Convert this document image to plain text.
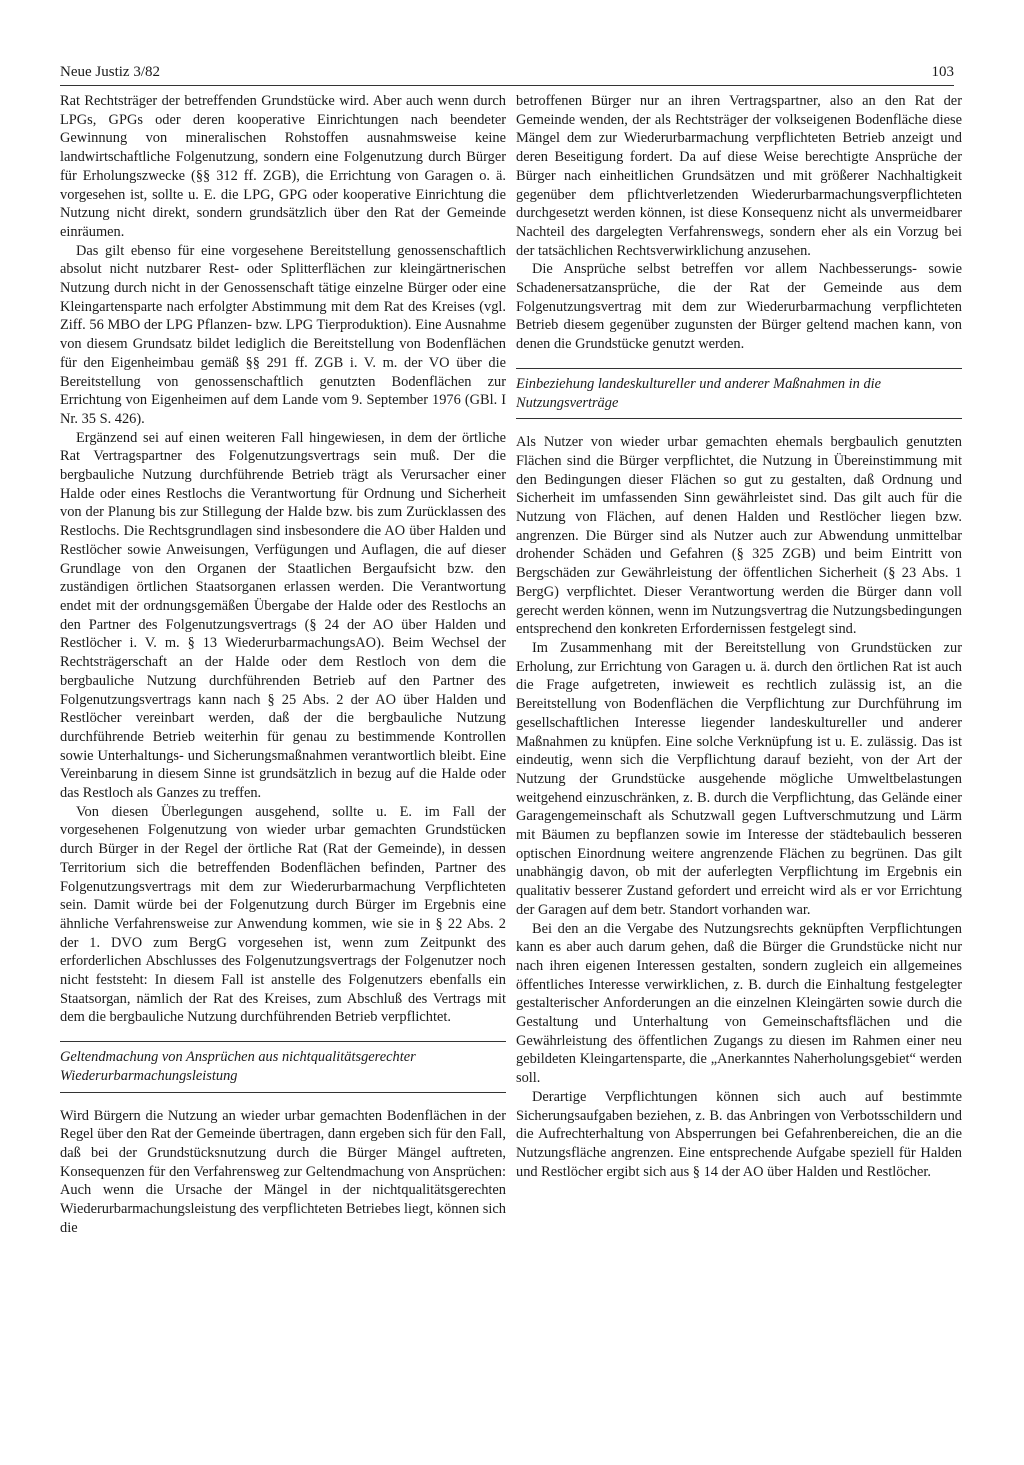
Neue Justiz 3/82	103

Rat Rechtsträger der betreffenden Grundstücke wird. Aber auch wenn durch LPGs, GPGs oder deren kooperative Einrichtungen nach beendeter Gewinnung von mineralischen Rohstoffen ausnahmsweise keine landwirtschaftliche Folgenutzung, sondern eine Folgenutzung durch Bürger für Erholungszwecke (§§ 312 ff. ZGB), die Errichtung von Garagen o. ä. vorgesehen ist, sollte u. E. die LPG, GPG oder kooperative Einrichtung die Nutzung nicht direkt, sondern grundsätzlich über den Rat der Gemeinde einräumen.

Das gilt ebenso für eine vorgesehene Bereitstellung genossenschaftlich absolut nicht nutzbarer Rest- oder Splitterflächen zur kleingärtnerischen Nutzung durch nicht in der Genossenschaft tätige einzelne Bürger oder eine Kleingartensparte nach erfolgter Abstimmung mit dem Rat des Kreises (vgl. Ziff. 56 MBO der LPG Pflanzen- bzw. LPG Tierproduktion). Eine Ausnahme von diesem Grundsatz bildet lediglich die Bereitstellung von Bodenflächen für den Eigenheimbau gemäß §§ 291 ff. ZGB i. V. m. der VO über die Bereitstellung von genossenschaftlich genutzten Bodenflächen zur Errichtung von Eigenheimen auf dem Lande vom 9. September 1976 (GBl. I Nr. 35 S. 426).

Ergänzend sei auf einen weiteren Fall hingewiesen, in dem der örtliche Rat Vertragspartner des Folgenutzungsvertrags sein muß. Der die bergbauliche Nutzung durchführende Betrieb trägt als Verursacher einer Halde oder eines Restlochs die Verantwortung für Ordnung und Sicherheit von der Planung bis zur Stillegung der Halde bzw. bis zum Zurücklassen des Restlochs. Die Rechtsgrundlagen sind insbesondere die AO über Halden und Restlöcher sowie Anweisungen, Verfügungen und Auflagen, die auf dieser Grundlage von den Organen der Staatlichen Bergaufsicht bzw. den zuständigen örtlichen Staatsorganen erlassen werden. Die Verantwortung endet mit der ordnungsgemäßen Übergabe der Halde oder des Restlochs an den Partner des Folgenutzungsvertrags (§ 24 der AO über Halden und Restlöcher i. V. m. § 13 WiederurbarmachungsAO). Beim Wechsel der Rechtsträgerschaft an der Halde oder dem Restloch von dem die bergbauliche Nutzung durchführenden Betrieb auf den Partner des Folgenutzungsvertrags kann nach § 25 Abs. 2 der AO über Halden und Restlöcher vereinbart werden, daß der die bergbauliche Nutzung durchführende Betrieb weiterhin für genau zu bestimmende Kontrollen sowie Unterhaltungs- und Sicherungsmaßnahmen verantwortlich bleibt. Eine Vereinbarung in diesem Sinne ist grundsätzlich in bezug auf die Halde oder das Restloch als Ganzes zu treffen.

Von diesen Überlegungen ausgehend, sollte u. E. im Fall der vorgesehenen Folgenutzung von wieder urbar gemachten Grundstücken durch Bürger in der Regel der örtliche Rat (Rat der Gemeinde), in dessen Territorium sich die betreffenden Bodenflächen befinden, Partner des Folgenutzungsvertrags mit dem zur Wiederurbarmachung Verpflichteten sein. Damit würde bei der Folgenutzung durch Bürger im Ergebnis eine ähnliche Verfahrensweise zur Anwendung kommen, wie sie in § 22 Abs. 2 der 1. DVO zum BergG vorgesehen ist, wenn zum Zeitpunkt des erforderlichen Abschlusses des Folgenutzungsvertrags der Folgenutzer noch nicht feststeht: In diesem Fall ist anstelle des Folgenutzers ebenfalls ein Staatsorgan, nämlich der Rat des Kreises, zum Abschluß des Vertrags mit dem die bergbauliche Nutzung durchführenden Betrieb verpflichtet.

Geltendmachung von Ansprüchen aus nichtqualitätsgerechter Wiederurbarmachungsleistung

Wird Bürgern die Nutzung an wieder urbar gemachten Bodenflächen in der Regel über den Rat der Gemeinde übertragen, dann ergeben sich für den Fall, daß bei der Grundstücksnutzung durch die Bürger Mängel auftreten, Konsequenzen für den Verfahrensweg zur Geltendmachung von Ansprüchen: Auch wenn die Ursache der Mängel in der nichtqualitätsgerechten Wiederurbarmachungsleistung des verpflichteten Betriebes liegt, können sich die

betroffenen Bürger nur an ihren Vertragspartner, also an den Rat der Gemeinde wenden, der als Rechtsträger der volkseigenen Bodenfläche diese Mängel dem zur Wiederurbarmachung verpflichteten Betrieb anzeigt und deren Beseitigung fordert. Da auf diese Weise berechtigte Ansprüche der Bürger nach einheitlichen Grundsätzen und mit größerer Nachhaltigkeit gegenüber dem pflichtverletzenden Wiederurbarmachungsverpflichteten durchgesetzt werden können, ist diese Konsequenz nicht als unvermeidbarer Nachteil des dargelegten Verfahrenswegs, sondern eher als ein Vorzug bei der tatsächlichen Rechtsverwirklichung anzusehen.

Die Ansprüche selbst betreffen vor allem Nachbesserungs- sowie Schadenersatzansprüche, die der Rat der Gemeinde aus dem Folgenutzungsvertrag mit dem zur Wiederurbarmachung verpflichteten Betrieb diesem gegenüber zugunsten der Bürger geltend machen kann, von denen die Grundstücke genutzt werden.

Einbeziehung landeskultureller und anderer Maßnahmen in die Nutzungsverträge

Als Nutzer von wieder urbar gemachten ehemals bergbaulich genutzten Flächen sind die Bürger verpflichtet, die Nutzung in Übereinstimmung mit den Bedingungen dieser Flächen so gut zu gestalten, daß Ordnung und Sicherheit im umfassenden Sinn gewährleistet sind. Das gilt auch für die Nutzung von Flächen, auf denen Halden und Restlöcher liegen bzw. angrenzen. Die Bürger sind als Nutzer auch zur Abwendung unmittelbar drohender Schäden und Gefahren (§ 325 ZGB) und beim Eintritt von Bergschäden zur Gewährleistung der öffentlichen Sicherheit (§ 23 Abs. 1 BergG) verpflichtet. Dieser Verantwortung werden die Bürger dann voll gerecht werden können, wenn im Nutzungsvertrag die Nutzungsbedingungen entsprechend den konkreten Erfordernissen festgelegt sind.

Im Zusammenhang mit der Bereitstellung von Grundstücken zur Erholung, zur Errichtung von Garagen u. ä. durch den örtlichen Rat ist auch die Frage aufgetreten, inwieweit es rechtlich zulässig ist, an die Bereitstellung von Bodenflächen die Verpflichtung zur Durchführung im gesellschaftlichen Interesse liegender landeskultureller und anderer Maßnahmen zu knüpfen. Eine solche Verknüpfung ist u. E. zulässig. Das ist eindeutig, wenn sich die Verpflichtung darauf bezieht, von der Art der Nutzung der Grundstücke ausgehende mögliche Umweltbelastungen weitgehend einzuschränken, z. B. durch die Verpflichtung, das Gelände einer Garagengemeinschaft als Schutzwall gegen Luftverschmutzung und Lärm mit Bäumen zu bepflanzen sowie im Interesse der städtebaulich besseren optischen Einordnung weitere angrenzende Flächen zu begrünen. Das gilt unabhängig davon, ob mit der auferlegten Verpflichtung im Ergebnis ein qualitativ besserer Zustand gefordert und erreicht wird als er vor Errichtung der Garagen auf dem betr. Standort vorhanden war.

Bei den an die Vergabe des Nutzungsrechts geknüpften Verpflichtungen kann es aber auch darum gehen, daß die Bürger die Grundstücke nicht nur nach ihren eigenen Interessen gestalten, sondern zugleich ein allgemeines öffentliches Interesse verwirklichen, z. B. durch die Einhaltung festgelegter gestalterischer Anforderungen an die einzelnen Kleingärten sowie durch die Gestaltung und Unterhaltung von Gemeinschaftsflächen und die Gewährleistung des öffentlichen Zugangs zu diesen im Rahmen einer neu gebildeten Kleingartensparte, die „Anerkanntes Naherholungsgebiet“ werden soll.

Derartige Verpflichtungen können sich auch auf bestimmte Sicherungsaufgaben beziehen, z. B. das Anbringen von Verbotsschildern und die Aufrechterhaltung von Absperrungen bei Gefahrenbereichen, die an die Nutzungsfläche angrenzen. Eine entsprechende Aufgabe speziell für Halden und Restlöcher ergibt sich aus § 14 der AO über Halden und Restlöcher.
